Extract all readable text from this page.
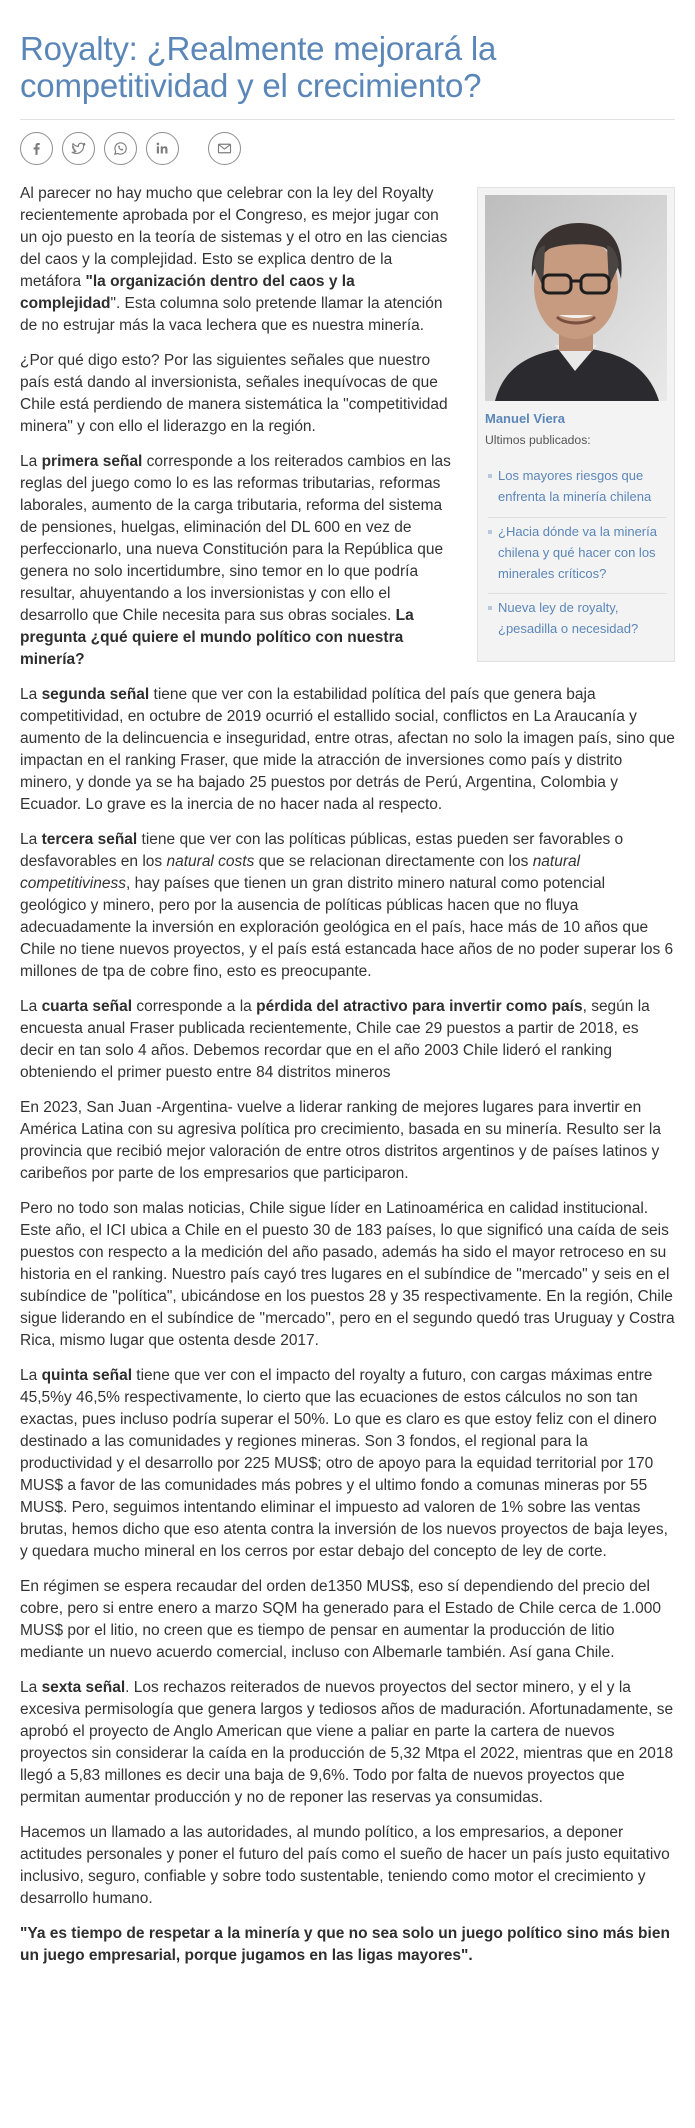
Royalty: ¿Realmente mejorará la competitividad y el crecimiento?
Manuel Viera
Ultimos publicados:
Los mayores riesgos que enfrenta la minería chilena
¿Hacia dónde va la minería chilena y qué hacer con los minerales críticos?
Nueva ley de royalty, ¿pesadilla o necesidad?

Al parecer no hay mucho que celebrar con la ley del Royalty recientemente aprobada por el Congreso, es mejor jugar con un ojo puesto en la teoría de sistemas y el otro en las ciencias del caos y la complejidad. Esto se explica dentro de la metáfora "la organización dentro del caos y la complejidad". Esta columna solo pretende llamar la atención de no estrujar más la vaca lechera que es nuestra minería.

¿Por qué digo esto? Por las siguientes señales que nuestro país está dando al inversionista, señales inequívocas de que Chile está perdiendo de manera sistemática la "competitividad minera" y con ello el liderazgo en la región.

La primera señal corresponde a los reiterados cambios en las reglas del juego como lo es las reformas tributarias, reformas laborales, aumento de la carga tributaria, reforma del sistema de pensiones, huelgas, eliminación del DL 600 en vez de perfeccionarlo, una nueva Constitución para la República que genera no solo incertidumbre, sino temor en lo que podría resultar, ahuyentando a los inversionistas y con ello el desarrollo que Chile necesita para sus obras sociales. La pregunta ¿qué quiere el mundo político con nuestra minería?

La segunda señal tiene que ver con la estabilidad política del país que genera baja competitividad, en octubre de 2019 ocurrió el estallido social, conflictos en La Araucanía y aumento de la delincuencia e inseguridad, entre otras, afectan no solo la imagen país, sino que impactan en el ranking Fraser, que mide la atracción de inversiones como país y distrito minero, y donde ya se ha bajado 25 puestos por detrás de Perú, Argentina, Colombia y Ecuador. Lo grave es la inercia de no hacer nada al respecto.

La tercera señal tiene que ver con las políticas públicas, estas pueden ser favorables o desfavorables en los natural costs que se relacionan directamente con los natural competitiviness, hay países que tienen un gran distrito minero natural como potencial geológico y minero, pero por la ausencia de políticas públicas hacen que no fluya adecuadamente la inversión en exploración geológica en el país, hace más de 10 años que Chile no tiene nuevos proyectos, y el país está estancada hace años de no poder superar los 6 millones de tpa de cobre fino, esto es preocupante.

La cuarta señal corresponde a la pérdida del atractivo para invertir como país, según la encuesta anual Fraser publicada recientemente, Chile cae 29 puestos a partir de 2018, es decir en tan solo 4 años. Debemos recordar que en el año 2003 Chile lideró el ranking obteniendo el primer puesto entre 84 distritos mineros

En 2023, San Juan -Argentina- vuelve a liderar ranking de mejores lugares para invertir en América Latina con su agresiva política pro crecimiento, basada en su minería. Resulto ser la provincia que recibió mejor valoración de entre otros distritos argentinos y de países latinos y caribeños por parte de los empresarios que participaron.

Pero no todo son malas noticias, Chile sigue líder en Latinoamérica en calidad institucional. Este año, el ICI ubica a Chile en el puesto 30 de 183 países, lo que significó una caída de seis puestos con respecto a la medición del año pasado, además ha sido el mayor retroceso en su historia en el ranking. Nuestro país cayó tres lugares en el subíndice de "mercado" y seis en el subíndice de "política", ubicándose en los puestos 28 y 35 respectivamente. En la región, Chile sigue liderando en el subíndice de "mercado", pero en el segundo quedó tras Uruguay y Costra Rica, mismo lugar que ostenta desde 2017.

La quinta señal tiene que ver con el impacto del royalty a futuro, con cargas máximas entre 45,5%y 46,5% respectivamente, lo cierto que las ecuaciones de estos cálculos no son tan exactas, pues incluso podría superar el 50%. Lo que es claro es que estoy feliz con el dinero destinado a las comunidades y regiones mineras. Son 3 fondos, el regional para la productividad y el desarrollo por 225 MUS$; otro de apoyo para la equidad territorial por 170 MUS$ a favor de las comunidades más pobres y el ultimo fondo a comunas mineras por 55 MUS$. Pero, seguimos intentando eliminar el impuesto ad valoren de 1% sobre las ventas brutas, hemos dicho que eso atenta contra la inversión de los nuevos proyectos de baja leyes, y quedara mucho mineral en los cerros por estar debajo del concepto de ley de corte.

En régimen se espera recaudar del orden de1350 MUS$, eso sí dependiendo del precio del cobre, pero si entre enero a marzo SQM ha generado para el Estado de Chile cerca de 1.000 MUS$ por el litio, no creen que es tiempo de pensar en aumentar la producción de litio mediante un nuevo acuerdo comercial, incluso con Albemarle también. Así gana Chile.

La sexta señal. Los rechazos reiterados de nuevos proyectos del sector minero, y el y la excesiva permisología que genera largos y tediosos años de maduración. Afortunadamente, se aprobó el proyecto de Anglo American que viene a paliar en parte la cartera de nuevos proyectos sin considerar la caída en la producción de 5,32 Mtpa el 2022, mientras que en 2018 llegó a 5,83 millones es decir una baja de 9,6%. Todo por falta de nuevos proyectos que permitan aumentar producción y no de reponer las reservas ya consumidas.

Hacemos un llamado a las autoridades, al mundo político, a los empresarios, a deponer actitudes personales y poner el futuro del país como el sueño de hacer un país justo equitativo inclusivo, seguro, confiable y sobre todo sustentable, teniendo como motor el crecimiento y desarrollo humano.

"Ya es tiempo de respetar a la minería y que no sea solo un juego político sino más bien un juego empresarial, porque jugamos en las ligas mayores".
